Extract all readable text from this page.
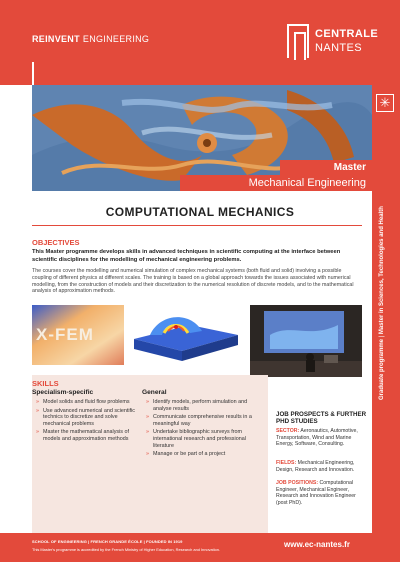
REINVENT ENGINEERING	CENTRALE
NANTES
✳
Graduate programme | Master in Sciences, Technologies and Health
Master
Mechanical Engineering
COMPUTATIONAL MECHANICS
OBJECTIVES
This Master programme develops skills in advanced techniques in scientific computing at the interface between scientific disciplines for the modelling of mechanical engineering problems.
The courses cover the modelling and numerical simulation of complex mechanical systems (both fluid and solid) involving a possible coupling of different physics at different scales. The training is based on a global approach towards the issues associated with numerical modelling, from the construction of models and their discretization to the numerical resolution of discrete models, and to the mathematical analysis of approximation methods.
X-FEM
SKILLS
Specialism-specific
» Model solids and fluid flow problems
» Use advanced numerical and scientific technics to discretize and solve mechanical problems
» Master the mathematical analysis of models and approximation methods
General
» Identify models, perform simulation and analyse results
» Communicate comprehensive results in a meaningful way
» Undertake bibliographic surveys from international research and professional literature
» Manage or be part of a project
JOB PROSPECTS & FURTHER PHD STUDIES
SECTOR: Aeronautics, Automotive, Transportation, Wind and Marine Energy, Software, Consulting.
FIELDS: Mechanical Engineering, Design, Research and Innovation.
JOB POSITIONS: Computational Engineer, Mechanical Engineer, Research and Innovation Engineer (post PhD).
SCHOOL OF ENGINEERING | FRENCH GRANDE ÉCOLE | FOUNDED IN 1919
This Master's programme is accredited by the French Ministry of Higher Education, Research and Innovation.
www.ec-nantes.fr
